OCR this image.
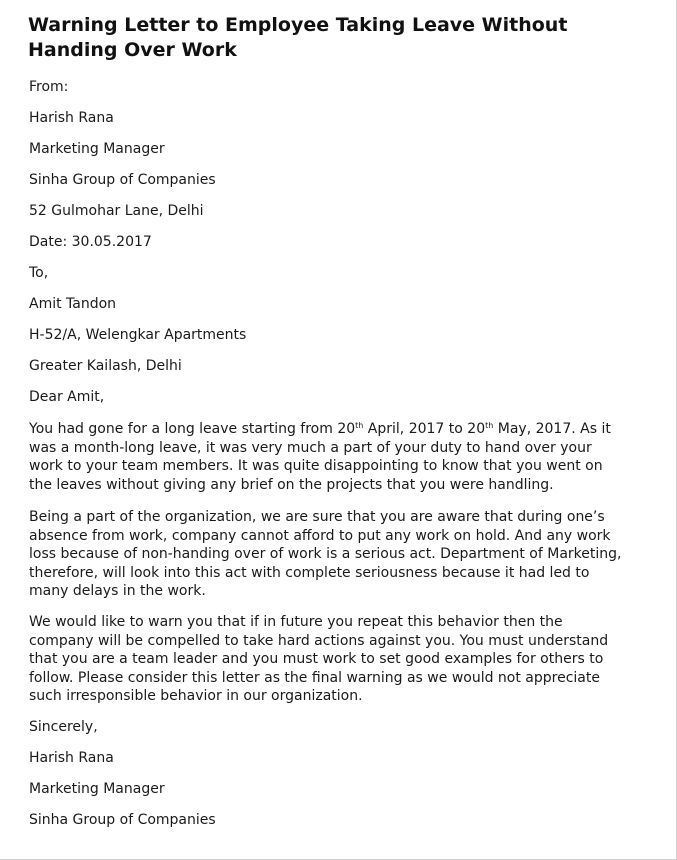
Warning Letter to Employee Taking Leave Without
Handing Over Work

From:

Harish Rana

Marketing Manager

Sinha Group of Companies

52 Gulmohar Lane, Delhi

Date: 30.05.2017

To,

Amit Tandon

H-52/A, Welengkar Apartments

Greater Kailash, Delhi

Dear Amit,

You had gone for a long leave starting from 20th April, 2017 to 20th May, 2017. As it was a month-long leave, it was very much a part of your duty to hand over your work to your team members. It was quite disappointing to know that you went on the leaves without giving any brief on the projects that you were handling.

Being a part of the organization, we are sure that you are aware that during one’s absence from work, company cannot afford to put any work on hold. And any work loss because of non-handing over of work is a serious act. Department of Marketing, therefore, will look into this act with complete seriousness because it had led to many delays in the work.

We would like to warn you that if in future you repeat this behavior then the company will be compelled to take hard actions against you. You must understand that you are a team leader and you must work to set good examples for others to follow. Please consider this letter as the final warning as we would not appreciate such irresponsible behavior in our organization.

Sincerely,

Harish Rana

Marketing Manager

Sinha Group of Companies
